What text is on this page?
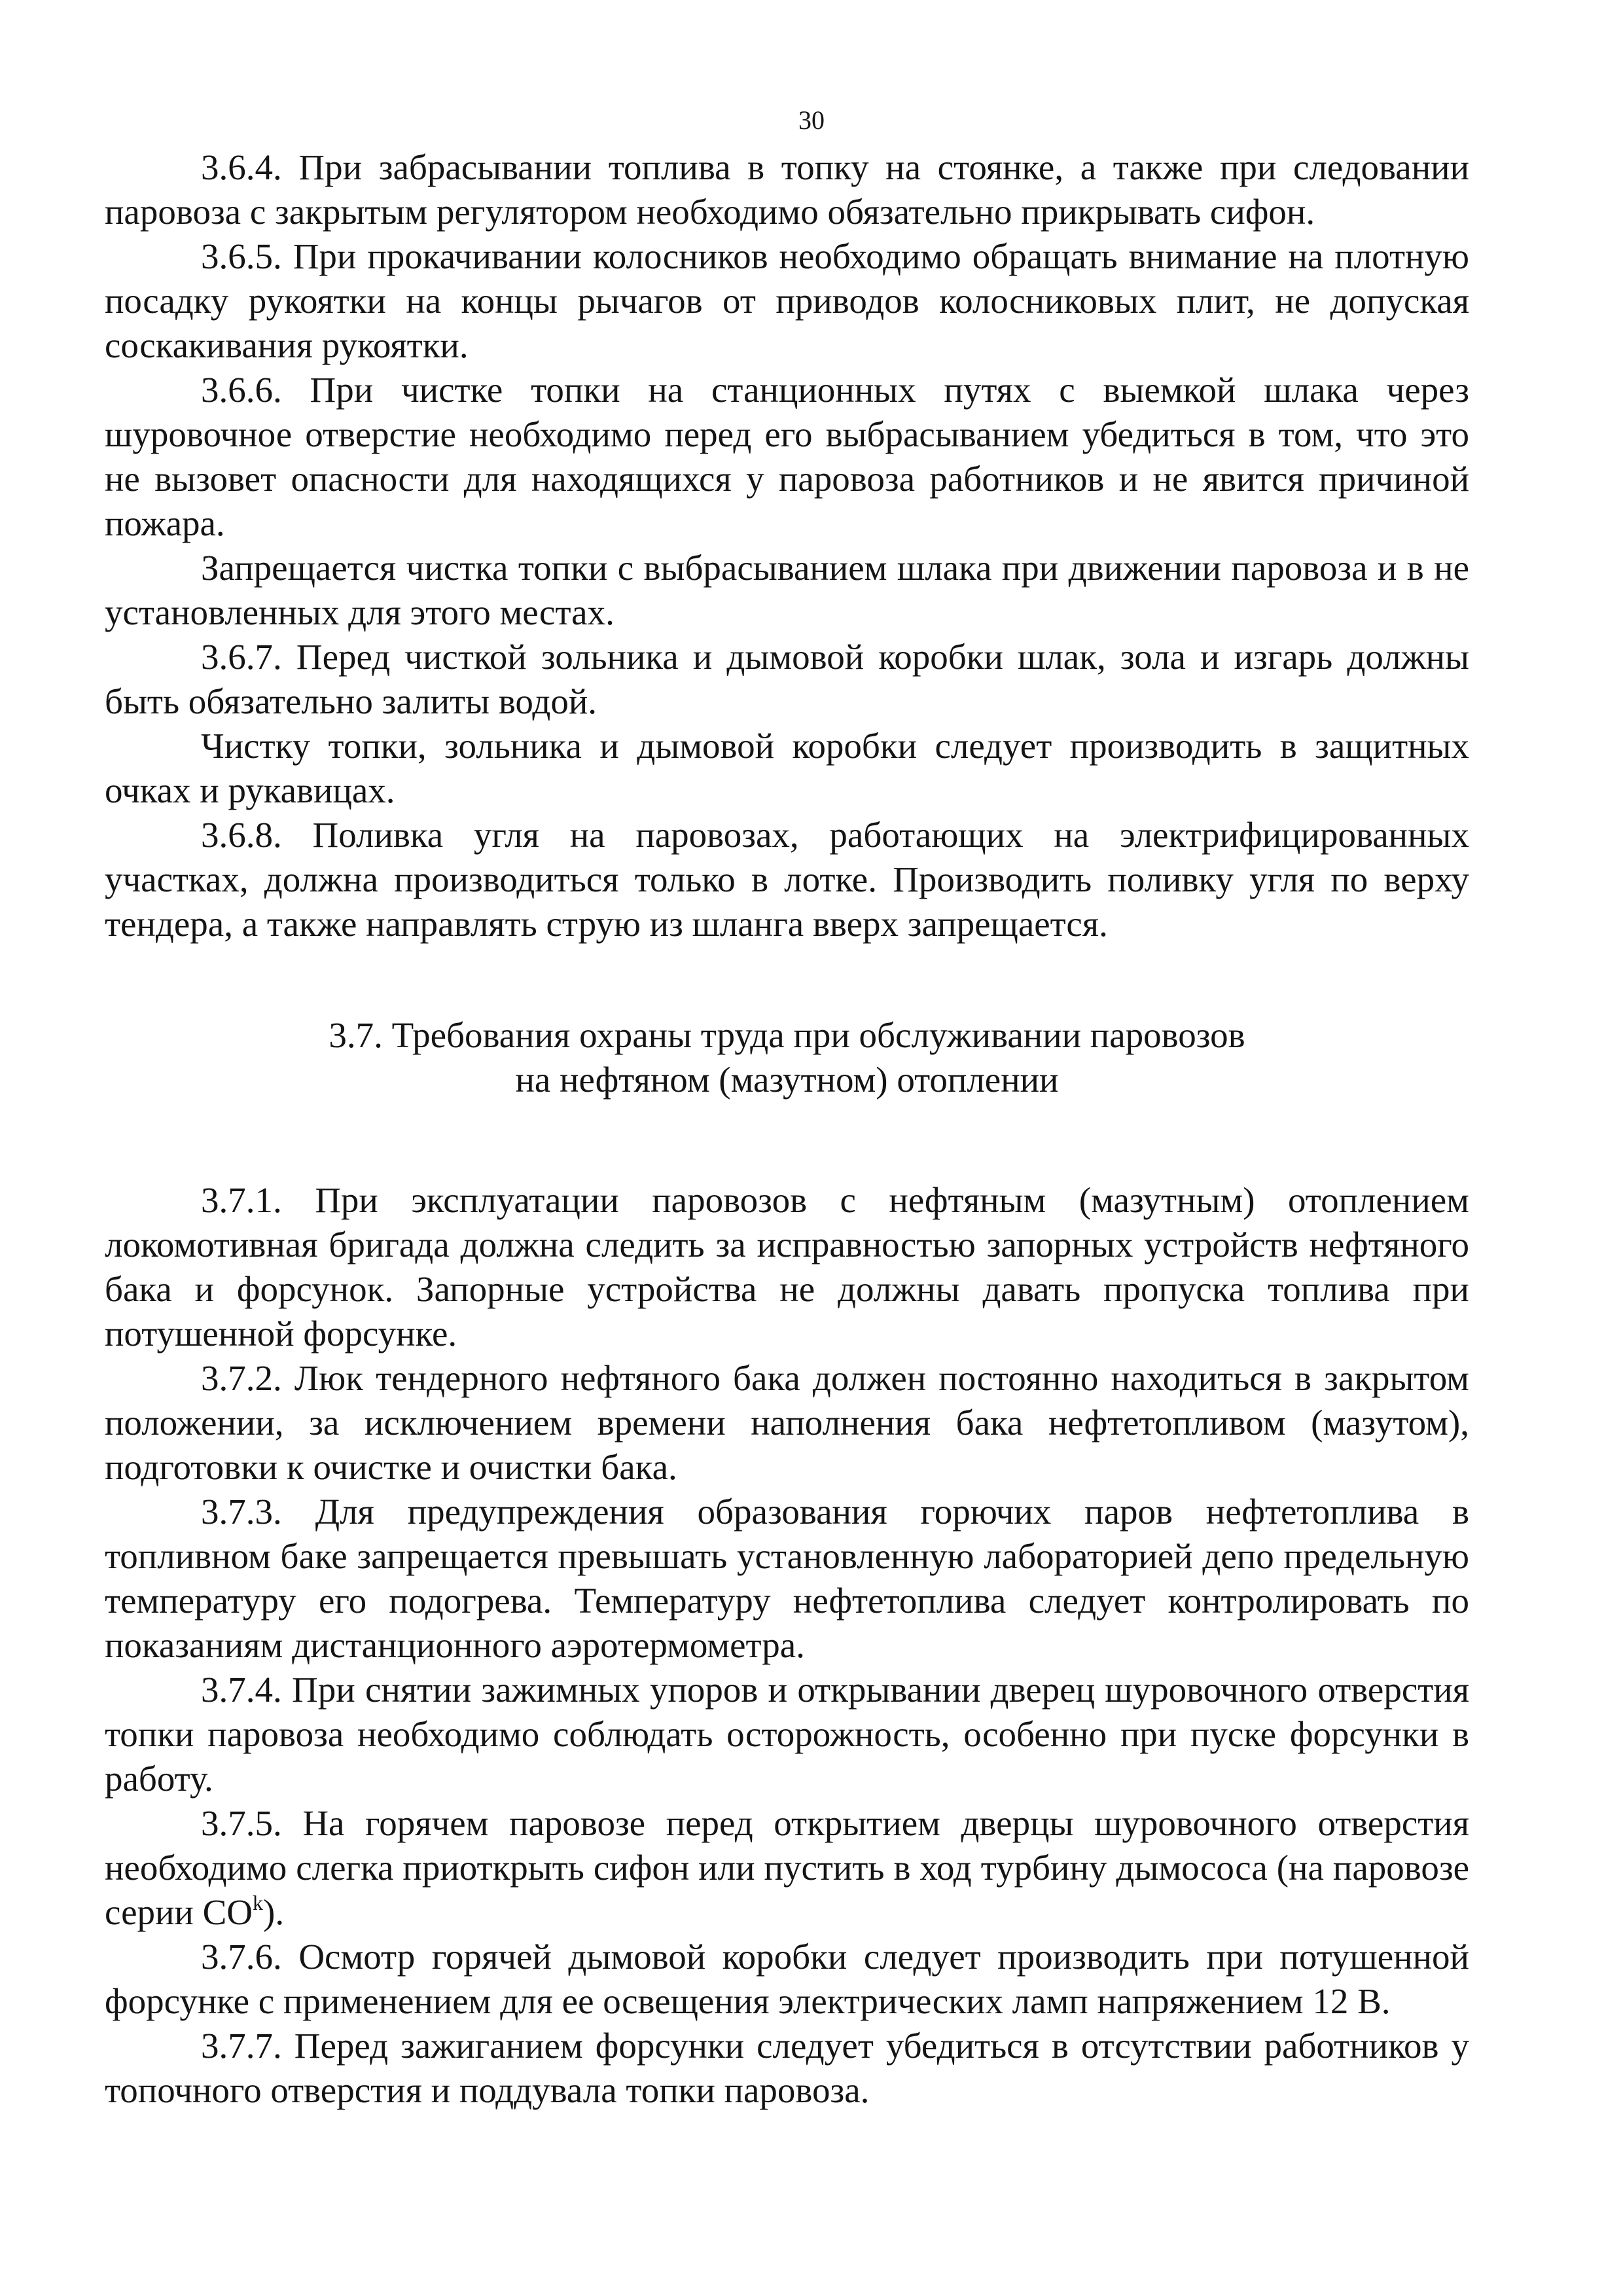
30

3.6.4. При забрасывании топлива в топку на стоянке, а также при следовании паровоза с закрытым регулятором необходимо обязательно прикрывать сифон.

3.6.5. При прокачивании колосников необходимо обращать внимание на плотную посадку рукоятки на концы рычагов от приводов колосниковых плит, не допуская соскакивания рукоятки.

3.6.6. При чистке топки на станционных путях с выемкой шлака через шуровочное отверстие необходимо перед его выбрасыванием убедиться в том, что это не вызовет опасности для находящихся у паровоза работников и не явится причиной пожара.

Запрещается чистка топки с выбрасыванием шлака при движении паровоза и в не установленных для этого местах.

3.6.7. Перед чисткой зольника и дымовой коробки шлак, зола и изгарь должны быть обязательно залиты водой.

Чистку топки, зольника и дымовой коробки следует производить в защитных очках и рукавицах.

3.6.8. Поливка угля на паровозах, работающих на электрифицированных участках, должна производиться только в лотке. Производить поливку угля по верху тендера, а также направлять струю из шланга вверх запрещается.

3.7. Требования охраны труда при обслуживании паровозов
на нефтяном (мазутном) отоплении

3.7.1. При эксплуатации паровозов с нефтяным (мазутным) отоплением локомотивная бригада должна следить за исправностью запорных устройств нефтяного бака и форсунок. Запорные устройства не должны давать пропуска топлива при потушенной форсунке.

3.7.2. Люк тендерного нефтяного бака должен постоянно находиться в закрытом положении, за исключением времени наполнения бака нефтетопливом (мазутом), подготовки к очистке и очистки бака.

3.7.3. Для предупреждения образования горючих паров нефтетоплива в топливном баке запрещается превышать установленную лабораторией депо предельную температуру его подогрева. Температуру нефтетоплива следует контролировать по показаниям дистанционного аэротермометра.

3.7.4. При снятии зажимных упоров и открывании дверец шуровочного отверстия топки паровоза необходимо соблюдать осторожность, особенно при пуске форсунки в работу.

3.7.5. На горячем паровозе перед открытием дверцы шуровочного отверстия необходимо слегка приоткрыть сифон или пустить в ход турбину дымососа (на паровозе серии $СО^k$).

3.7.6. Осмотр горячей дымовой коробки следует производить при потушенной форсунке с применением для ее освещения электрических ламп напряжением 12 В.

3.7.7. Перед зажиганием форсунки следует убедиться в отсутствии работников у топочного отверстия и поддувала топки паровоза.
